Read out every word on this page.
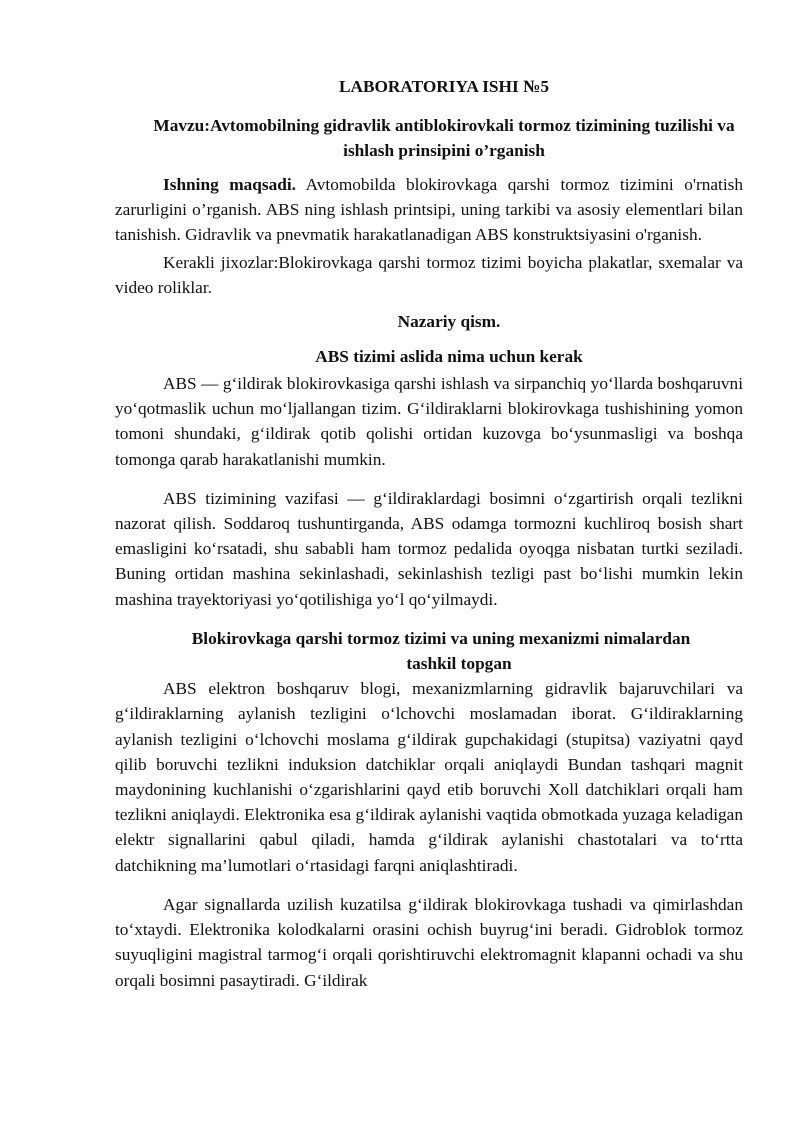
LABORATORIYA ISHI №5
Mavzu:Avtomobilning gidravlik antiblokirovkali tormoz tizimining tuzilishi va ishlash prinsipini o’rganish

Ishning maqsadi. Avtomobilda blokirovkaga qarshi tormoz tizimini o'rnatish zarurligini o’rganish. ABS ning ishlash printsipi, uning tarkibi va asosiy elementlari bilan tanishish. Gidravlik va pnevmatik harakatlanadigan ABS konstruktsiyasini o'rganish.

Kerakli jixozlar:Blokirovkaga qarshi tormoz tizimi boyicha plakatlar, sxemalar va video roliklar.

Nazariy qism.
ABS tizimi aslida nima uchun kerak

ABS — g‘ildirak blokirovkasiga qarshi ishlash va sirpanchiq yo‘llarda boshqaruvni yo‘qotmaslik uchun mo‘ljallangan tizim. G‘ildiraklarni blokirovkaga tushishining yomon tomoni shundaki, g‘ildirak qotib qolishi ortidan kuzovga bo‘ysunmasligi va boshqa tomonga qarab harakatlanishi mumkin.

ABS tizimining vazifasi — g‘ildiraklardagi bosimni o‘zgartirish orqali tezlikni nazorat qilish. Soddaroq tushuntirganda, ABS odamga tormozni kuchliroq bosish shart emasligini ko‘rsatadi, shu sababli ham tormoz pedalida oyoqga nisbatan turtki seziladi. Buning ortidan mashina sekinlashadi, sekinlashish tezligi past bo‘lishi mumkin lekin mashina trayektoriyasi yo‘qotilishiga yo‘l qo‘yilmaydi.

Blokirovkaga qarshi tormoz tizimi va uning mexanizmi nimalardan
tashkil topgan

ABS elektron boshqaruv blogi, mexanizmlarning gidravlik bajaruvchilari va g‘ildiraklarning aylanish tezligini o‘lchovchi moslamadan iborat. G‘ildiraklarning aylanish tezligini o‘lchovchi moslama g‘ildirak gupchakidagi (stupitsa) vaziyatni qayd qilib boruvchi tezlikni induksion datchiklar orqali aniqlaydi Bundan tashqari magnit maydonining kuchlanishi o‘zgarishlarini qayd etib boruvchi Xoll datchiklari orqali ham tezlikni aniqlaydi. Elektronika esa g‘ildirak aylanishi vaqtida obmotkada yuzaga keladigan elektr signallarini qabul qiladi, hamda g‘ildirak aylanishi chastotalari va to‘rtta datchikning ma’lumotlari o‘rtasidagi farqni aniqlashtiradi.

Agar signallarda uzilish kuzatilsa g‘ildirak blokirovkaga tushadi va qimirlashdan to‘xtaydi. Elektronika kolodkalarni orasini ochish buyrug‘ini beradi. Gidroblok tormoz suyuqligini magistral tarmog‘i orqali qorishtiruvchi elektromagnit klapanni ochadi va shu orqali bosimni pasaytiradi. G‘ildirak
